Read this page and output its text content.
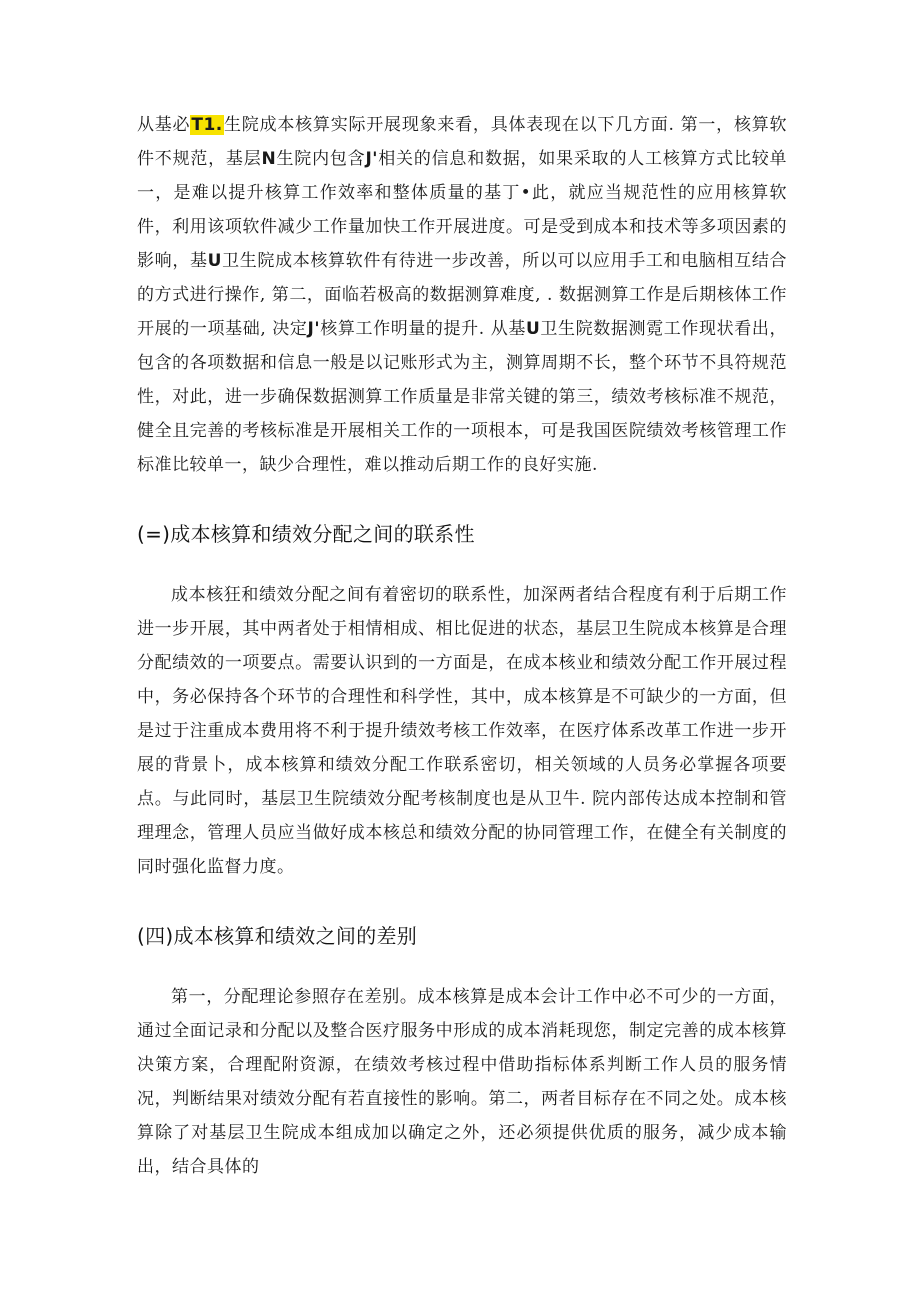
从基必T1.生院成本核算实际开展现象来看，具体表现在以下几方面. 第一，核算软件不规范，基层N生院内包含J'相关的信息和数据，如果采取的人工核算方式比较单一，是难以提升核算工作效率和整体质量的基丁•此，就应当规范性的应用核算软件，利用该项软件减少工作量加快工作开展进度。可是受到成本和技术等多项因素的影响，基U卫生院成本核算软件有待进一步改善，所以可以应用手工和电脑相互结合的方式进行操作, 第二，面临若极高的数据测算难度, . 数据测算工作是后期核体工作开展的一项基础, 决定J'核算工作明量的提升. 从基U卫生院数据测霓工作现状看出，包含的各项数据和信息一般是以记账形式为主，测算周期不长，整个环节不具符规范性，对此，进一步确保数据测算工作质量是非常关键的第三，绩效考核标准不规范，健全且完善的考核标准是开展相关工作的一项根本，可是我国医院绩效考核管理工作标准比较单一，缺少合理性，难以推动后期工作的良好实施.

(=)成本核算和绩效分配之间的联系性

成本核狂和绩效分配之间有着密切的联系性，加深两者结合程度有利于后期工作进一步开展，其中两者处于相情相成、相比促进的状态，基层卫生院成本核算是合理分配绩效的一项要点。需要认识到的一方面是，在成本核业和绩效分配工作开展过程中，务必保持各个环节的合理性和科学性，其中，成本核算是不可缺少的一方面，但是过于注重成本费用将不利于提升绩效考核工作效率，在医疗体系改革工作进一步开展的背景卜，成本核算和绩效分配工作联系密切，相关领域的人员务必掌握各项要点。与此同时，基层卫生院绩效分配考核制度也是从卫牛. 院内部传达成本控制和管理理念，管理人员应当做好成本核总和绩效分配的协同管理工作，在健全有关制度的同时强化监督力度。

(四)成本核算和绩效之间的差别

第一，分配理论参照存在差别。成本核算是成本会计工作中必不可少的一方面，通过全面记录和分配以及整合医疗服务中形成的成本消耗现您，制定完善的成本核算决策方案，合理配附资源，在绩效考核过程中借助指标体系判断工作人员的服务情况，判断结果对绩效分配有若直接性的影响。第二，两者目标存在不同之处。成本核算除了对基层卫生院成本组成加以确定之外，还必须提供优质的服务，减少成本输出，结合具体的
